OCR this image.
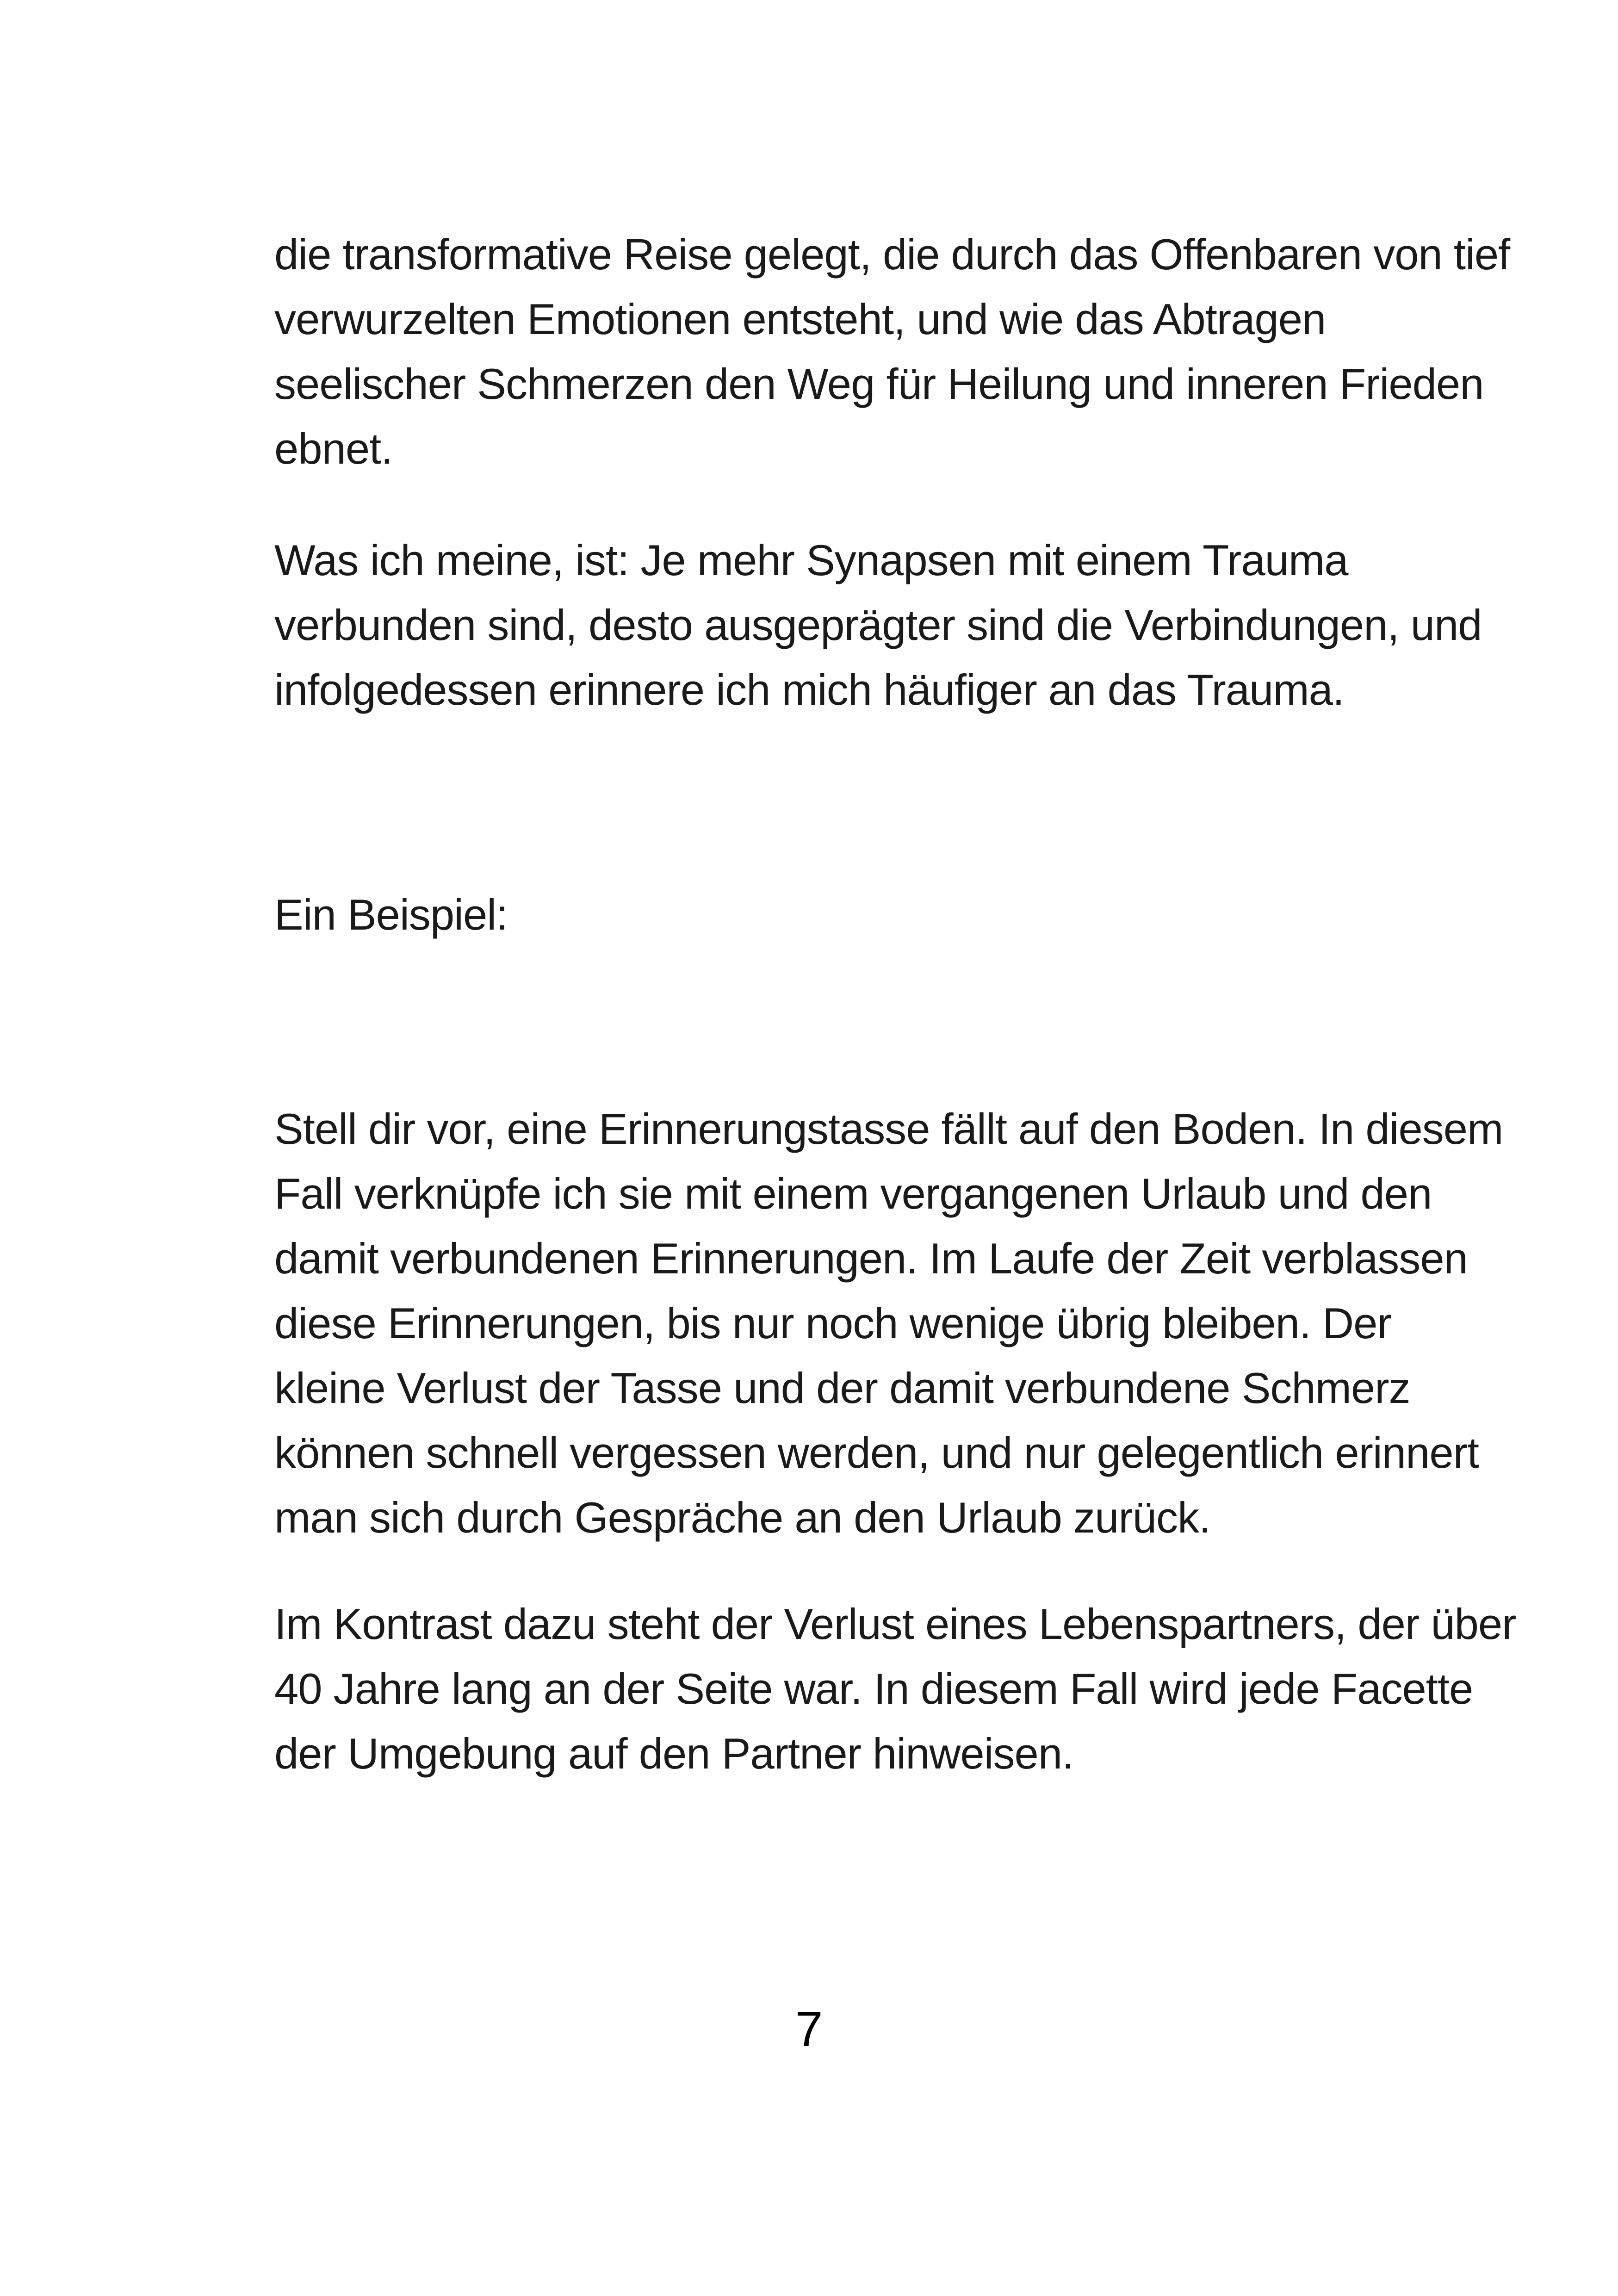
die transformative Reise gelegt, die durch das Offenbaren von tief
verwurzelten Emotionen entsteht, und wie das Abtragen
seelischer Schmerzen den Weg für Heilung und inneren Frieden
ebnet.
Was ich meine, ist: Je mehr Synapsen mit einem Trauma
verbunden sind, desto ausgeprägter sind die Verbindungen, und
infolgedessen erinnere ich mich häufiger an das Trauma.
Ein Beispiel:
Stell dir vor, eine Erinnerungstasse fällt auf den Boden. In diesem
Fall verknüpfe ich sie mit einem vergangenen Urlaub und den
damit verbundenen Erinnerungen. Im Laufe der Zeit verblassen
diese Erinnerungen, bis nur noch wenige übrig bleiben. Der
kleine Verlust der Tasse und der damit verbundene Schmerz
können schnell vergessen werden, und nur gelegentlich erinnert
man sich durch Gespräche an den Urlaub zurück.
Im Kontrast dazu steht der Verlust eines Lebenspartners, der über
40 Jahre lang an der Seite war. In diesem Fall wird jede Facette
der Umgebung auf den Partner hinweisen.
7
